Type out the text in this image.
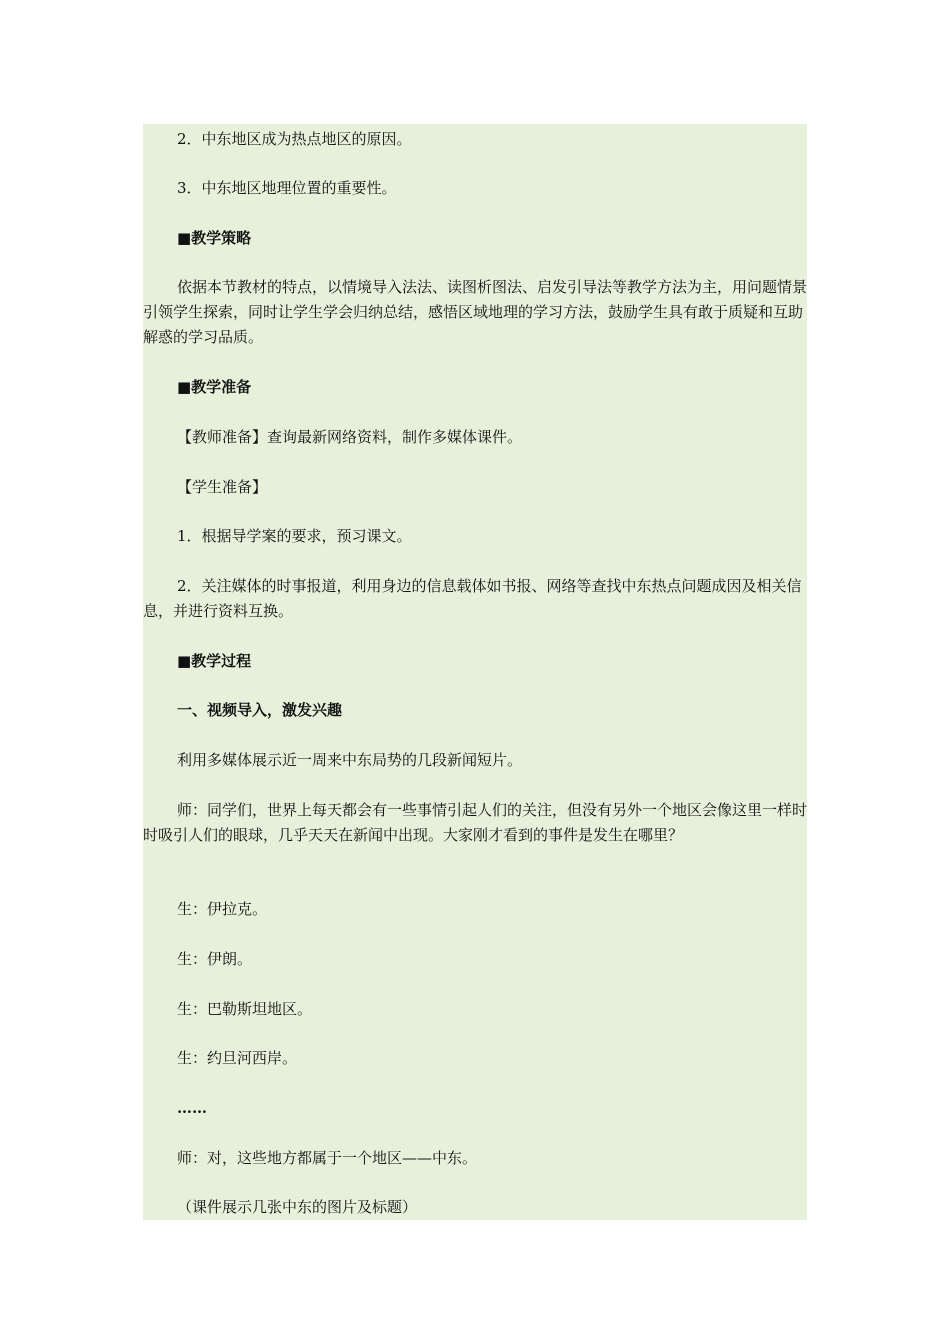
2．中东地区成为热点地区的原因。
3．中东地区地理位置的重要性。
■教学策略
依据本节教材的特点，以情境导入法法、读图析图法、启发引导法等教学方法为主，用问题情景引领学生探索，同时让学生学会归纳总结，感悟区域地理的学习方法，鼓励学生具有敢于质疑和互助解惑的学习品质。
■教学准备
【教师准备】查询最新网络资料，制作多媒体课件。
【学生准备】
1．根据导学案的要求，预习课文。
2．关注媒体的时事报道，利用身边的信息载体如书报、网络等查找中东热点问题成因及相关信息，并进行资料互换。
■教学过程
一、视频导入，激发兴趣
利用多媒体展示近一周来中东局势的几段新闻短片。
师：同学们，世界上每天都会有一些事情引起人们的关注，但没有另外一个地区会像这里一样时时吸引人们的眼球，几乎天天在新闻中出现。大家刚才看到的事件是发生在哪里？
生：伊拉克。
生：伊朗。
生：巴勒斯坦地区。
生：约旦河西岸。
……
师：对，这些地方都属于一个地区——中东。
（课件展示几张中东的图片及标题）
